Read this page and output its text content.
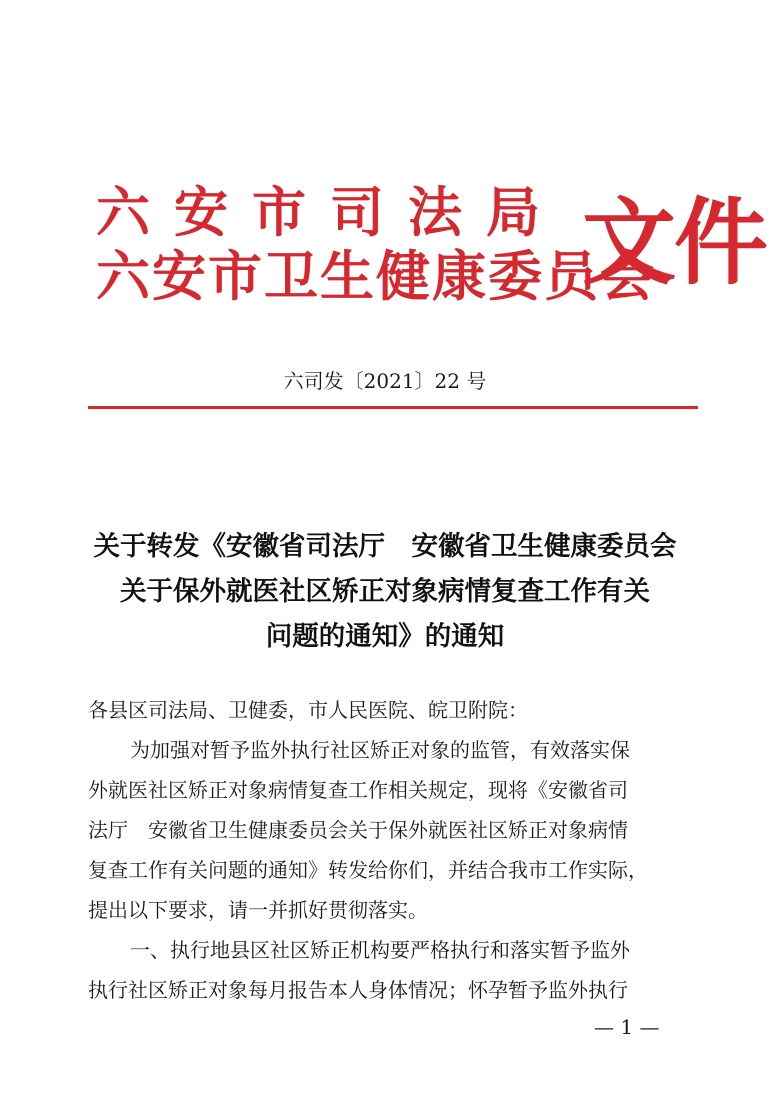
六安市司法局
六安市卫生健康委员会
文件
六司发〔2021〕22 号
关于转发《安徽省司法厅　安徽省卫生健康委员会
关于保外就医社区矫正对象病情复查工作有关
问题的通知》的通知

各县区司法局、卫健委，市人民医院、皖卫附院：

为加强对暂予监外执行社区矫正对象的监管，有效落实保

外就医社区矫正对象病情复查工作相关规定，现将《安徽省司

法厅　安徽省卫生健康委员会关于保外就医社区矫正对象病情

复查工作有关问题的通知》转发给你们，并结合我市工作实际，

提出以下要求，请一并抓好贯彻落实。

一、执行地县区社区矫正机构要严格执行和落实暂予监外

执行社区矫正对象每月报告本人身体情况；怀孕暂予监外执行

— 1 —
